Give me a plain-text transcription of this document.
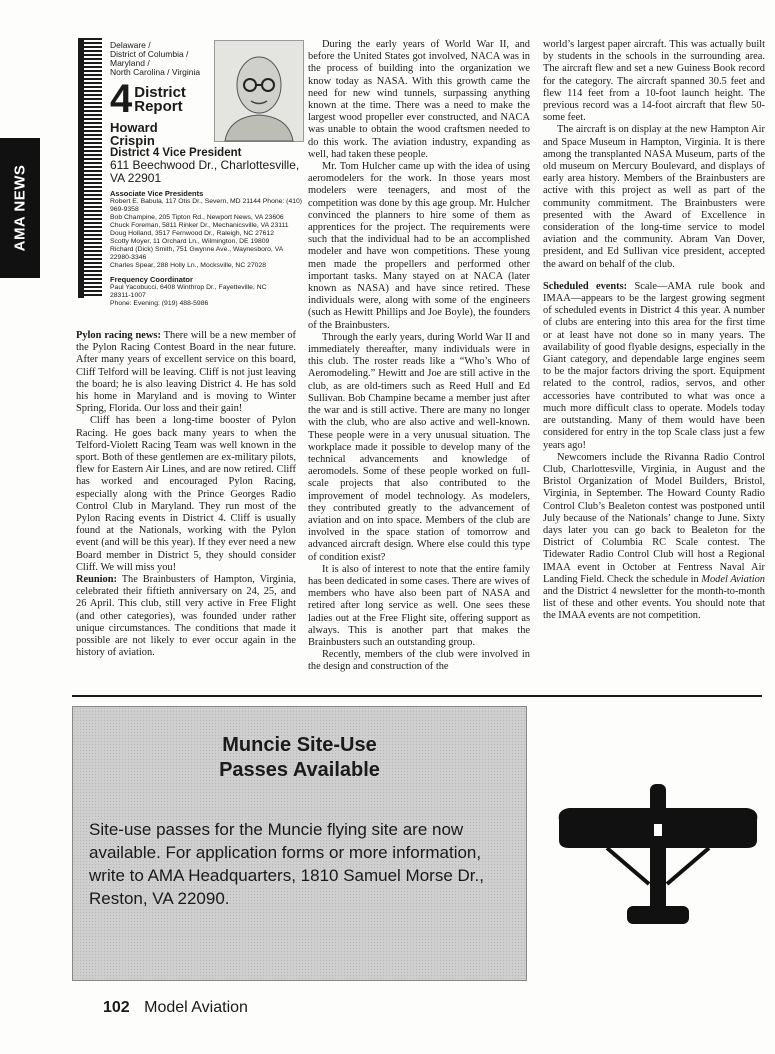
AMA NEWS
Delaware /
District of Columbia /
Maryland /
North Carolina / Virginia
4 District
Report
Howard
Crispin
District 4 Vice President
611 Beechwood Dr., Charlottesville,
VA 22901
Associate Vice Presidents
Robert E. Babula, 117 Otis Dr., Severn, MD 21144 Phone: (410)
969-9358
Bob Champine, 205 Tipton Rd., Newport News, VA 23606
Chuck Foreman, 5811 Rinker Dr., Mechanicsville, VA 23111
Doug Holland, 3517 Fernwood Dr., Raleigh, NC 27612
Scotty Moyer, 11 Orchard Ln., Wilmington, DE 19809
Richard (Dick) Smith, 751 Gwynne Ave., Waynesboro, VA
22980-3346
Charles Spear, 288 Holly Ln., Mocksville, NC 27028
Frequency Coordinator
Paul Yacobucci, 6408 Winthrop Dr., Fayetteville, NC
28311-1007
Phone: Evening: (919) 488-5986

Pylon racing news: There will be a new member of the Pylon Racing Contest Board in the near future. After many years of excellent service on this board, Cliff Telford will be leaving. Cliff is not just leaving the board; he is also leaving District 4. He has sold his home in Maryland and is moving to Winter Spring, Florida. Our loss and their gain!

Cliff has been a long-time booster of Pylon Racing. He goes back many years to when the Telford-Violett Racing Team was well known in the sport. Both of these gentlemen are ex-military pilots, flew for Eastern Air Lines, and are now retired. Cliff has worked and encouraged Pylon Racing, especially along with the Prince Georges Radio Control Club in Maryland. They run most of the Pylon Racing events in District 4. Cliff is usually found at the Nationals, working with the Pylon event (and will be this year). If they ever need a new Board member in District 5, they should consider Cliff. We will miss you!

Reunion: The Brainbusters of Hampton, Virginia, celebrated their fiftieth anniversary on 24, 25, and 26 April. This club, still very active in Free Flight (and other categories), was founded under rather unique circumstances. The conditions that made it possible are not likely to ever occur again in the history of aviation.

During the early years of World War II, and before the United States got involved, NACA was in the process of building into the organization we know today as NASA. With this growth came the need for new wind tunnels, surpassing anything known at the time. There was a need to make the largest wood propeller ever constructed, and NACA was unable to obtain the wood craftsmen needed to do this work. The aviation industry, expanding as well, had taken these people.

Mr. Tom Hulcher came up with the idea of using aeromodelers for the work. In those years most modelers were teenagers, and most of the competition was done by this age group. Mr. Hulcher convinced the planners to hire some of them as apprentices for the project. The requirements were such that the individual had to be an accomplished modeler and have won competitions. These young men made the propellers and performed other important tasks. Many stayed on at NACA (later known as NASA) and have since retired. These individuals were, along with some of the engineers (such as Hewitt Phillips and Joe Boyle), the founders of the Brainbusters.

Through the early years, during World War II and immediately thereafter, many individuals were in this club. The roster reads like a “Who’s Who of Aeromodeling.” Hewitt and Joe are still active in the club, as are old-timers such as Reed Hull and Ed Sullivan. Bob Champine became a member just after the war and is still active. There are many no longer with the club, who are also active and well-known. These people were in a very unusual situation. The workplace made it possible to develop many of the technical advancements and knowledge of aeromodels. Some of these people worked on full-scale projects that also contributed to the improvement of model technology. As modelers, they contributed greatly to the advancement of aviation and on into space. Members of the club are involved in the space station of tomorrow and advanced aircraft design. Where else could this type of condition exist?

It is also of interest to note that the entire family has been dedicated in some cases. There are wives of members who have also been part of NASA and retired after long service as well. One sees these ladies out at the Free Flight site, offering support as always. This is another part that makes the Brainbusters such an outstanding group.

Recently, members of the club were involved in the design and construction of the

world’s largest paper aircraft. This was actually built by students in the schools in the surrounding area. The aircraft flew and set a new Guiness Book record for the category. The aircraft spanned 30.5 feet and flew 114 feet from a 10-foot launch height. The previous record was a 14-foot aircraft that flew 50-some feet.

The aircraft is on display at the new Hampton Air and Space Museum in Hampton, Virginia. It is there among the transplanted NASA Museum, parts of the old museum on Mercury Boulevard, and displays of early area history. Members of the Brainbusters are active with this project as well as part of the community commitment. The Brainbusters were presented with the Award of Excellence in consideration of the long-time service to model aviation and the community. Abram Van Dover, president, and Ed Sullivan vice president, accepted the award on behalf of the club.

Scheduled events: Scale—AMA rule book and IMAA—appears to be the largest growing segment of scheduled events in District 4 this year. A number of clubs are entering into this area for the first time or at least have not done so in many years. The availability of good flyable designs, especially in the Giant category, and dependable large engines seem to be the major factors driving the sport. Equipment related to the control, radios, servos, and other accessories have contributed to what was once a much more difficult class to operate. Models today are outstanding. Many of them would have been considered for entry in the top Scale class just a few years ago!

Newcomers include the Rivanna Radio Control Club, Charlottesville, Virginia, in August and the Bristol Organization of Model Builders, Bristol, Virginia, in September. The Howard County Radio Control Club’s Bealeton contest was postponed until July because of the Nationals’ change to June. Sixty days later you can go back to Bealeton for the District of Columbia RC Scale contest. The Tidewater Radio Control Club will host a Regional IMAA event in October at Fentress Naval Air Landing Field. Check the schedule in Model Aviation and the District 4 newsletter for the month-to-month list of these and other events. You should note that the IMAA events are not competition.

Muncie Site-Use
Passes Available
Site-use passes for the Muncie flying site are now available. For application forms or more information, write to AMA Headquarters, 1810 Samuel Morse Dr., Reston, VA 22090.
102 Model Aviation
